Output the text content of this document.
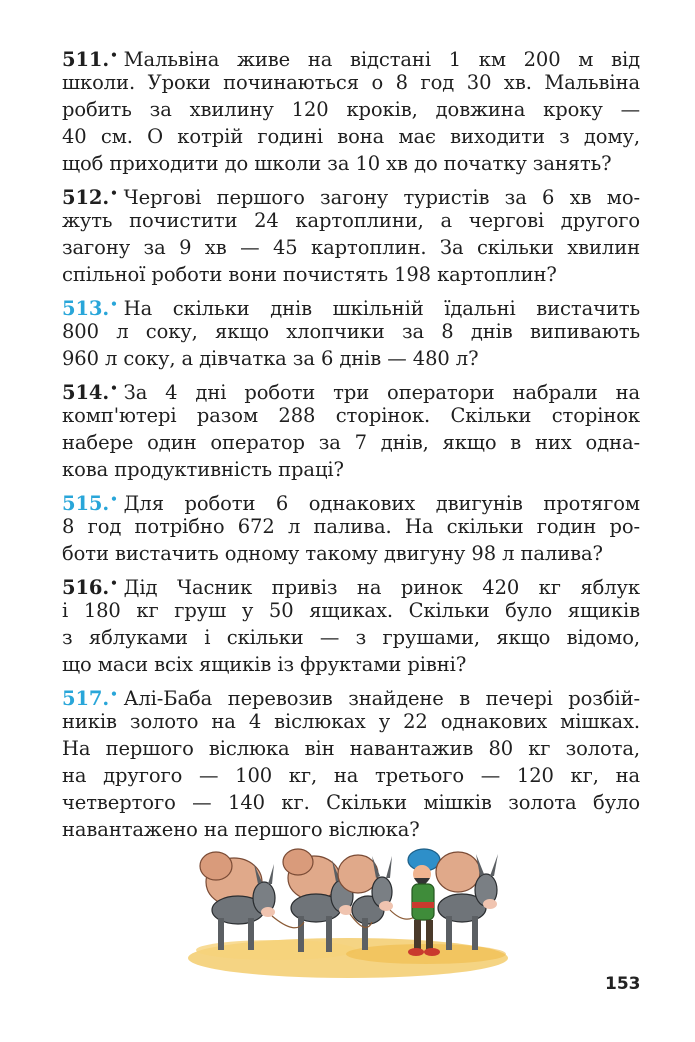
511.• Мальвіна живе на відстані 1 км 200 м від
школи. Уроки починаються о 8 год 30 хв. Мальвіна
робить за хвилину 120 кроків, довжина кроку —
40 см. О котрій годині вона має виходити з дому,
щоб приходити до школи за 10 хв до початку занять?
512.• Чергові першого загону туристів за 6 хв мо-
жуть почистити 24 картоплини, а чергові другого
загону за 9 хв — 45 картоплин. За скільки хвилин
спільної роботи вони почистять 198 картоплин?
513.• На скільки днів шкільній їдальні вистачить
800 л соку, якщо хлопчики за 8 днів випивають
960 л соку, а дівчатка за 6 днів — 480 л?
514.• За 4 дні роботи три оператори набрали на
комп'ютері разом 288 сторінок. Скільки сторінок
набере один оператор за 7 днів, якщо в них одна-
кова продуктивність праці?
515.• Для роботи 6 однакових двигунів протягом
8 год потрібно 672 л палива. На скільки годин ро-
боти вистачить одному такому двигуну 98 л палива?
516.• Дід Часник привіз на ринок 420 кг яблук
і 180 кг груш у 50 ящиках. Скільки було ящиків
з яблуками і скільки — з грушами, якщо відомо,
що маси всіх ящиків із фруктами рівні?
517.• Алі-Баба перевозив знайдене в печері розбій-
ників золото на 4 віслюках у 22 однакових мішках.
На першого віслюка він навантажив 80 кг золота,
на другого — 100 кг, на третього — 120 кг, на
четвертого — 140 кг. Скільки мішків золота було
навантажено на першого віслюка?
153
